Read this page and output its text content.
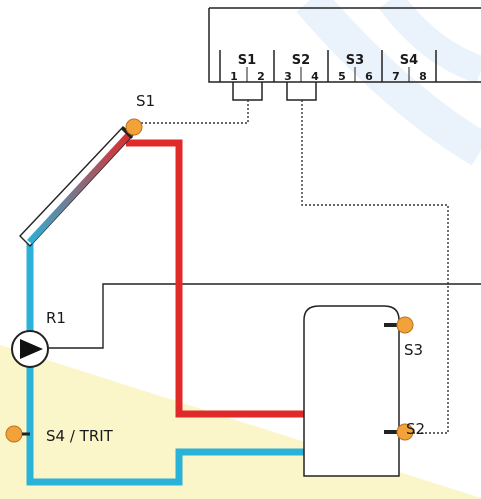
S1	S2	S3	S4
1 2 3 4 5 6 7 8
S1
R1
S4 / TRIT
S3
S2
